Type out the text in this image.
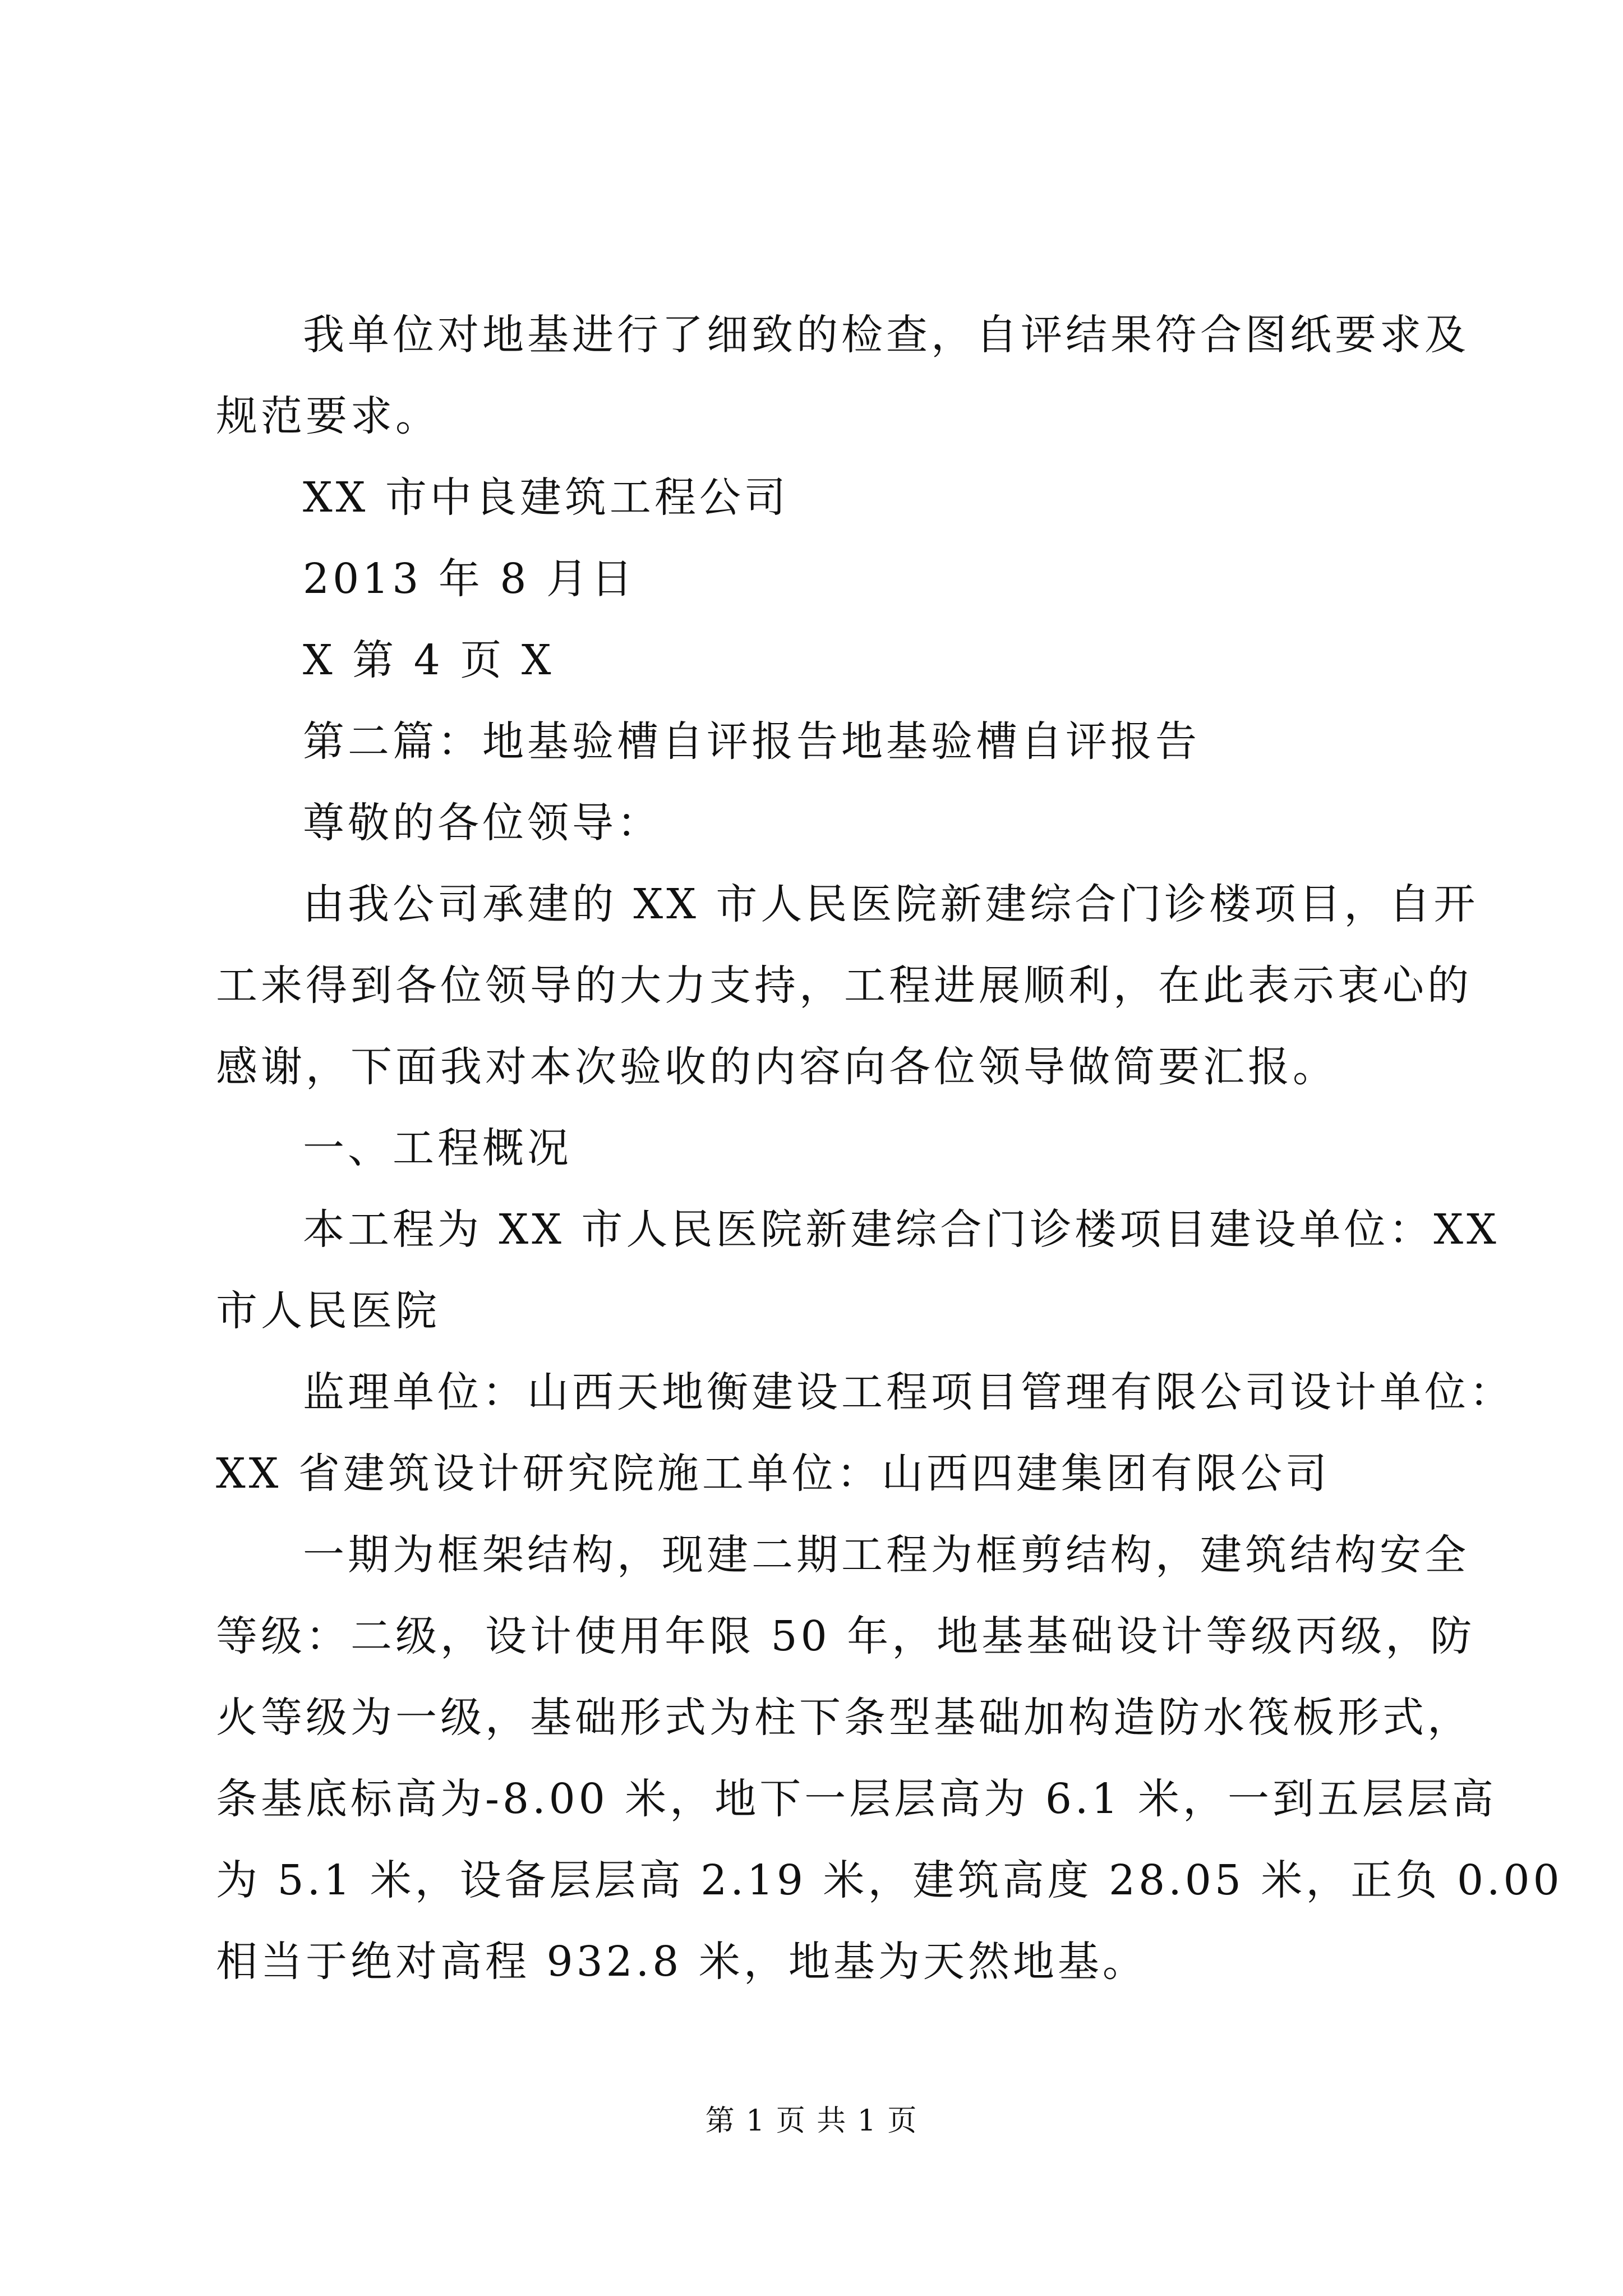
我单位对地基进行了细致的检查，自评结果符合图纸要求及
规范要求。
XX 市中良建筑工程公司
2013 年 8 月日
X 第 4 页 X
第二篇：地基验槽自评报告地基验槽自评报告
尊敬的各位领导：
由我公司承建的 XX 市人民医院新建综合门诊楼项目，自开
工来得到各位领导的大力支持，工程进展顺利，在此表示衷心的
感谢，下面我对本次验收的内容向各位领导做简要汇报。
一、工程概况
本工程为 XX 市人民医院新建综合门诊楼项目建设单位：XX
市人民医院
监理单位：山西天地衡建设工程项目管理有限公司设计单位：
XX 省建筑设计研究院施工单位：山西四建集团有限公司
一期为框架结构，现建二期工程为框剪结构，建筑结构安全
等级：二级，设计使用年限 50 年，地基基础设计等级丙级，防
火等级为一级，基础形式为柱下条型基础加构造防水筏板形式，
条基底标高为-8.00 米，地下一层层高为 6.1 米，一到五层层高
为 5.1 米，设备层层高 2.19 米，建筑高度 28.05 米，正负 0.00
相当于绝对高程 932.8 米，地基为天然地基。
第 1 页 共 1 页
